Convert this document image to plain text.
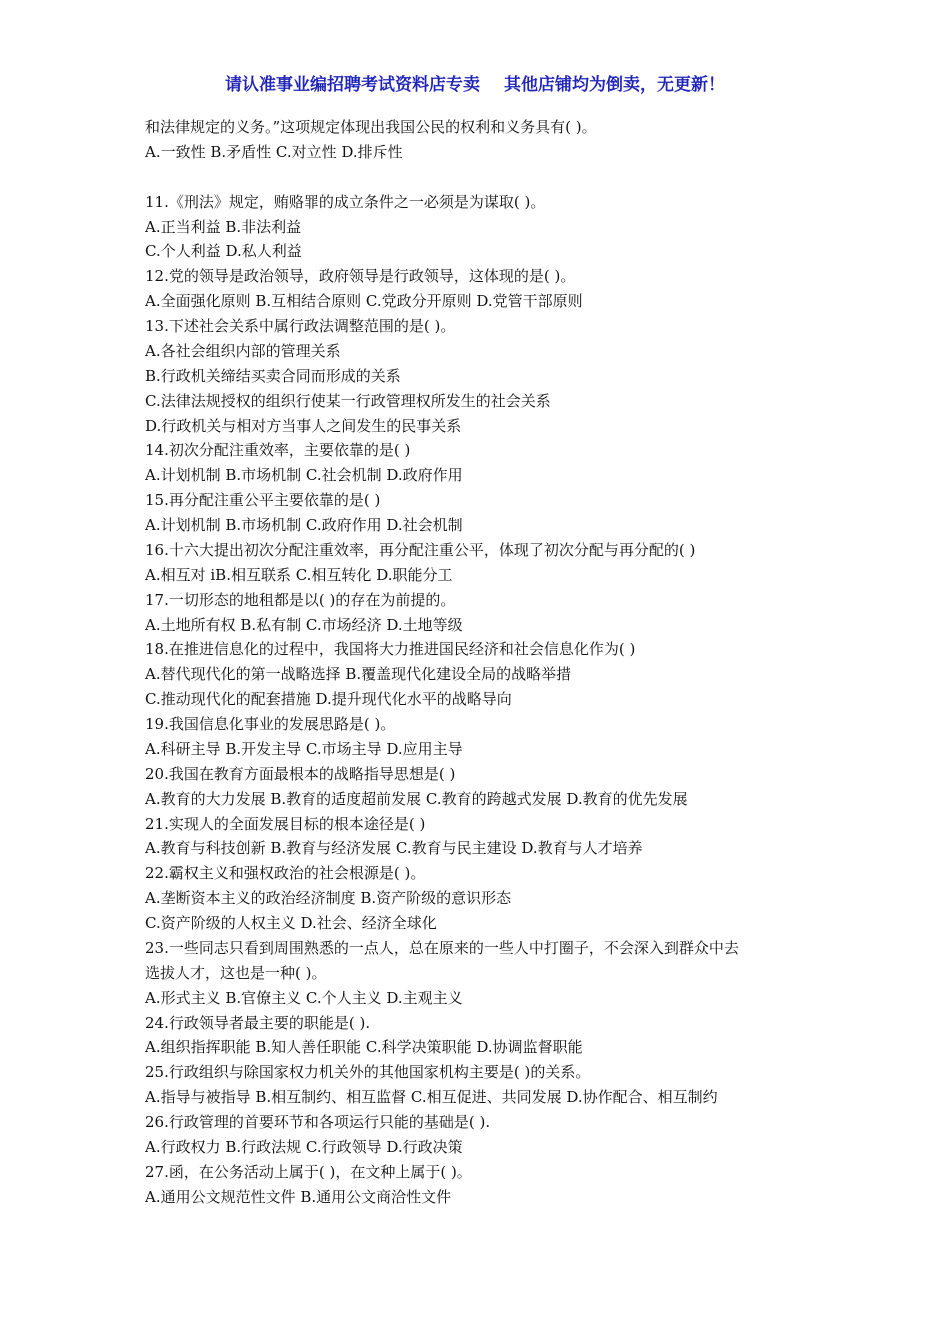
请认准事业编招聘考试资料店专卖 其他店铺均为倒卖，无更新！
和法律规定的义务。”这项规定体现出我国公民的权利和义务具有( )。
A.一致性 B.矛盾性 C.对立性 D.排斥性
11.《刑法》规定，贿赂罪的成立条件之一必须是为谋取( )。
A.正当利益 B.非法利益
C.个人利益 D.私人利益
12.党的领导是政治领导，政府领导是行政领导，这体现的是( )。
A.全面强化原则 B.互相结合原则 C.党政分开原则 D.党管干部原则
13.下述社会关系中属行政法调整范围的是( )。
A.各社会组织内部的管理关系
B.行政机关缔结买卖合同而形成的关系
C.法律法规授权的组织行使某一行政管理权所发生的社会关系
D.行政机关与相对方当事人之间发生的民事关系
14.初次分配注重效率，主要依靠的是( )
A.计划机制 B.市场机制 C.社会机制 D.政府作用
15.再分配注重公平主要依靠的是( )
A.计划机制 B.市场机制 C.政府作用 D.社会机制
16.十六大提出初次分配注重效率，再分配注重公平，体现了初次分配与再分配的( )
A.相互对 iB.相互联系 C.相互转化 D.职能分工
17.一切形态的地租都是以( )的存在为前提的。
A.土地所有权 B.私有制 C.市场经济 D.土地等级
18.在推进信息化的过程中，我国将大力推进国民经济和社会信息化作为( )
A.替代现代化的第一战略选择 B.覆盖现代化建设全局的战略举措
C.推动现代化的配套措施 D.提升现代化水平的战略导向
19.我国信息化事业的发展思路是( )。
A.科研主导 B.开发主导 C.市场主导 D.应用主导
20.我国在教育方面最根本的战略指导思想是( )
A.教育的大力发展 B.教育的适度超前发展 C.教育的跨越式发展 D.教育的优先发展
21.实现人的全面发展目标的根本途径是( )
A.教育与科技创新 B.教育与经济发展 C.教育与民主建设 D.教育与人才培养
22.霸权主义和强权政治的社会根源是( )。
A.垄断资本主义的政治经济制度 B.资产阶级的意识形态
C.资产阶级的人权主义 D.社会、经济全球化
23.一些同志只看到周围熟悉的一点人，总在原来的一些人中打圈子，不会深入到群众中去
选拔人才，这也是一种( )。
A.形式主义 B.官僚主义 C.个人主义 D.主观主义
24.行政领导者最主要的职能是( ).
A.组织指挥职能 B.知人善任职能 C.科学决策职能 D.协调监督职能
25.行政组织与除国家权力机关外的其他国家机构主要是( )的关系。
A.指导与被指导 B.相互制约、相互监督 C.相互促进、共同发展 D.协作配合、相互制约
26.行政管理的首要环节和各项运行只能的基础是( ).
A.行政权力 B.行政法规 C.行政领导 D.行政决策
27.函，在公务活动上属于( )，在文种上属于( )。
A.通用公文规范性文件 B.通用公文商洽性文件
